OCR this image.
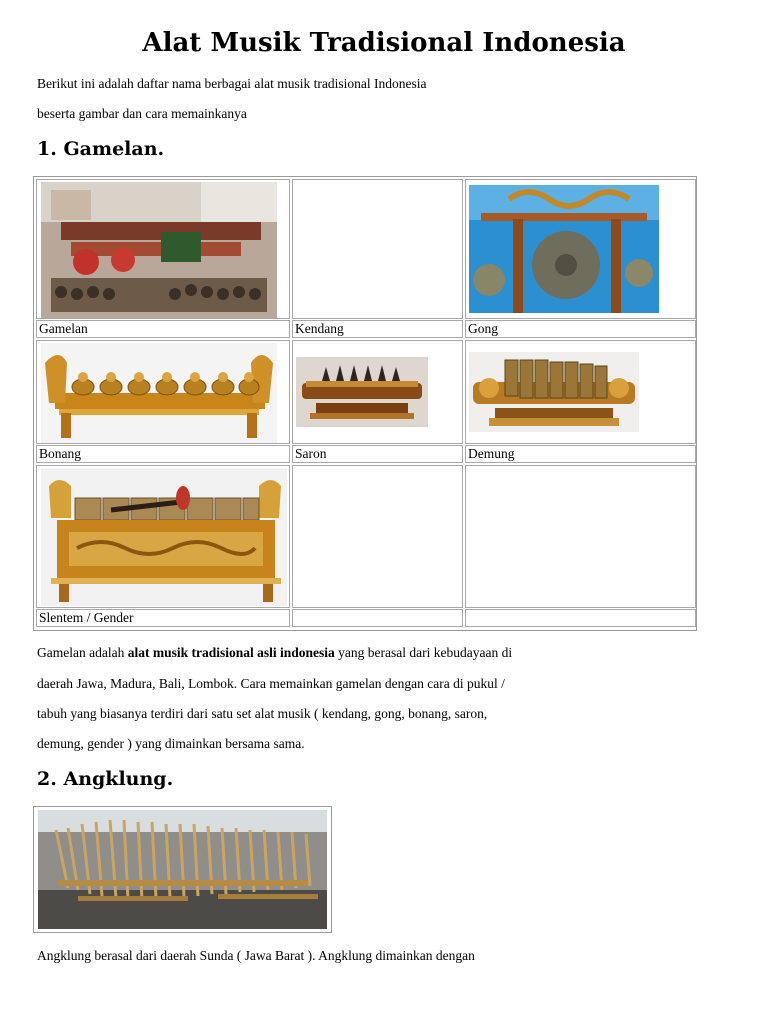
Alat Musik Tradisional Indonesia

Berikut ini adalah daftar nama berbagai alat musik tradisional Indonesia

beserta gambar dan cara memainkanya

1. Gamelan.
Gamelan	Kendang	Gong
Bonang	Saron	Demung
Slentem / Gender

Gamelan adalah alat musik tradisional asli indonesia yang berasal dari kebudayaan di

daerah Jawa, Madura, Bali, Lombok. Cara memainkan gamelan dengan cara di pukul /

tabuh yang biasanya terdiri dari satu set alat musik ( kendang, gong, bonang, saron,

demung, gender ) yang dimainkan bersama sama.

2. Angklung.

Angklung berasal dari daerah Sunda ( Jawa Barat ). Angklung dimainkan dengan
